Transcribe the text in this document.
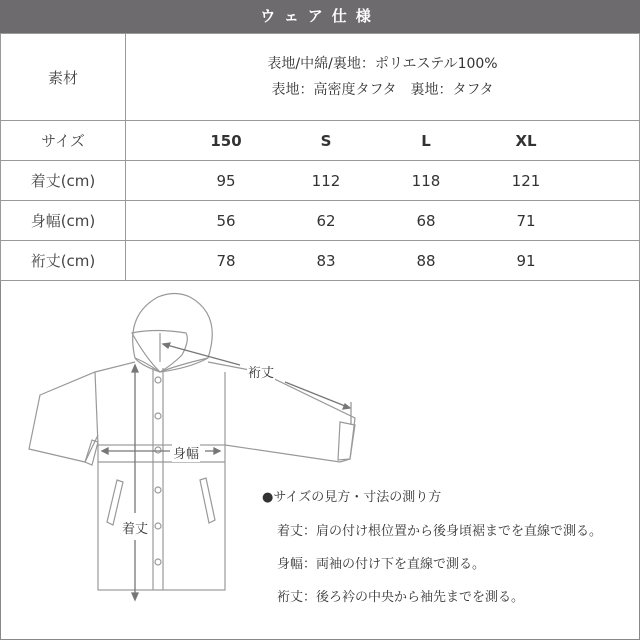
ウェア仕様
素材	表地/中綿/裏地：ポリエステル100%
表地：高密度タフタ　裏地：タフタ

サイズ	150 S L XL

着丈(cm)	95 112 118 121

身幅(cm)	56 62 68 71

裄丈(cm)	78 83 88 91
裄丈
身幅
着丈
●サイズの見方・寸法の測り方
着丈：肩の付け根位置から後身頃裾までを直線で測る。
身幅：両袖の付け下を直線で測る。
裄丈：後ろ衿の中央から袖先までを測る。
